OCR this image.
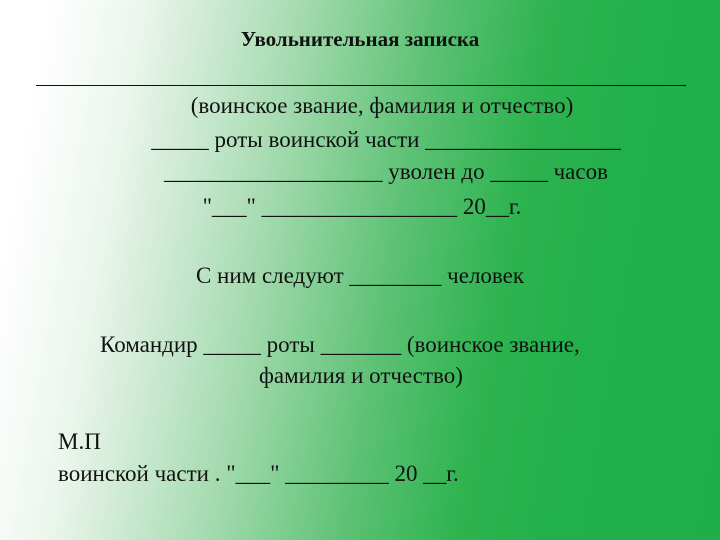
Увольнительная записка
(воинское звание, фамилия и отчество)
_____ роты воинской части _________________
___________________ уволен до _____ часов
"___" _________________ 20__г.
С ним следуют ________ человек
Командир _____ роты _______ (воинское звание,
фамилия и отчество)
М.П
воинской части . "___" _________ 20 __г.
